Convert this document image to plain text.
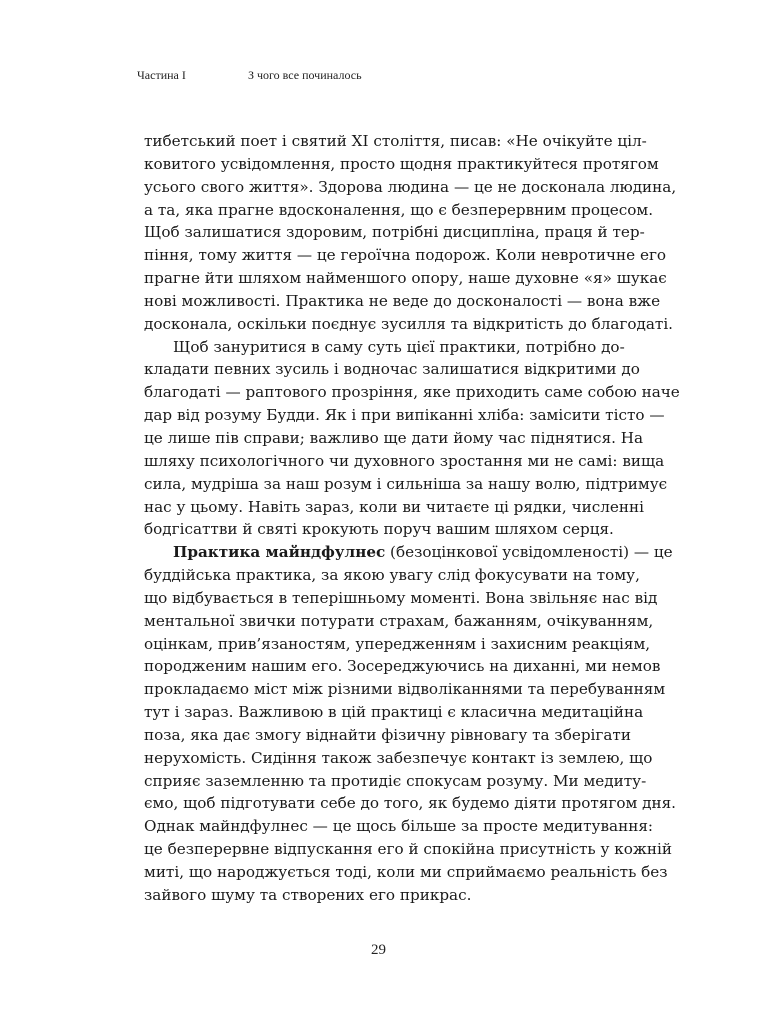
Частина І	З чого все починалось
тибетський поет і святий XI століття, писав: «Не очікуйте ціл-
ковитого усвідомлення, просто щодня практикуйтеся протягом
усього свого життя». Здорова людина — це не досконала людина,
а та, яка прагне вдосконалення, що є безперервним процесом.
Щоб залишатися здоровим, потрібні дисципліна, праця й тер-
піння, тому життя — це героїчна подорож. Коли невротичне его
прагне йти шляхом найменшого опору, наше духовне «я» шукає
нові можливості. Практика не веде до досконалості — вона вже
досконала, оскільки поєднує зусилля та відкритість до благодаті.
Щоб зануритися в саму суть цієї практики, потрібно до-
кладати певних зусиль і водночас залишатися відкритими до
благодаті — раптового прозріння, яке приходить саме собою наче
дар від розуму Будди. Як і при випіканні хліба: замісити тісто —
це лише пів справи; важливо ще дати йому час піднятися. На
шляху психологічного чи духовного зростання ми не самі: вища
сила, мудріша за наш розум і сильніша за нашу волю, підтримує
нас у цьому. Навіть зараз, коли ви читаєте ці рядки, численні
бодгісаттви й святі крокують поруч вашим шляхом серця.
Практика майндфулнес (безоцінкової усвідомленості) — це
буддійська практика, за якою увагу слід фокусувати на тому,
що відбувається в теперішньому моменті. Вона звільняє нас від
ментальної звички потурати страхам, бажанням, очікуванням,
оцінкам, прив’язаностям, упередженням і захисним реакціям,
породженим нашим его. Зосереджуючись на диханні, ми немов
прокладаємо міст між різними відволіканнями та перебуванням
тут і зараз. Важливою в цій практиці є класична медитаційна
поза, яка дає змогу віднайти фізичну рівновагу та зберігати
нерухомість. Сидіння також забезпечує контакт із землею, що
сприяє заземленню та протидіє спокусам розуму. Ми медиту-
ємо, щоб підготувати себе до того, як будемо діяти протягом дня.
Однак майндфулнес — це щось більше за просте медитування:
це безперервне відпускання его й спокійна присутність у кожній
миті, що народжується тоді, коли ми сприймаємо реальність без
зайвого шуму та створених его прикрас.
29
